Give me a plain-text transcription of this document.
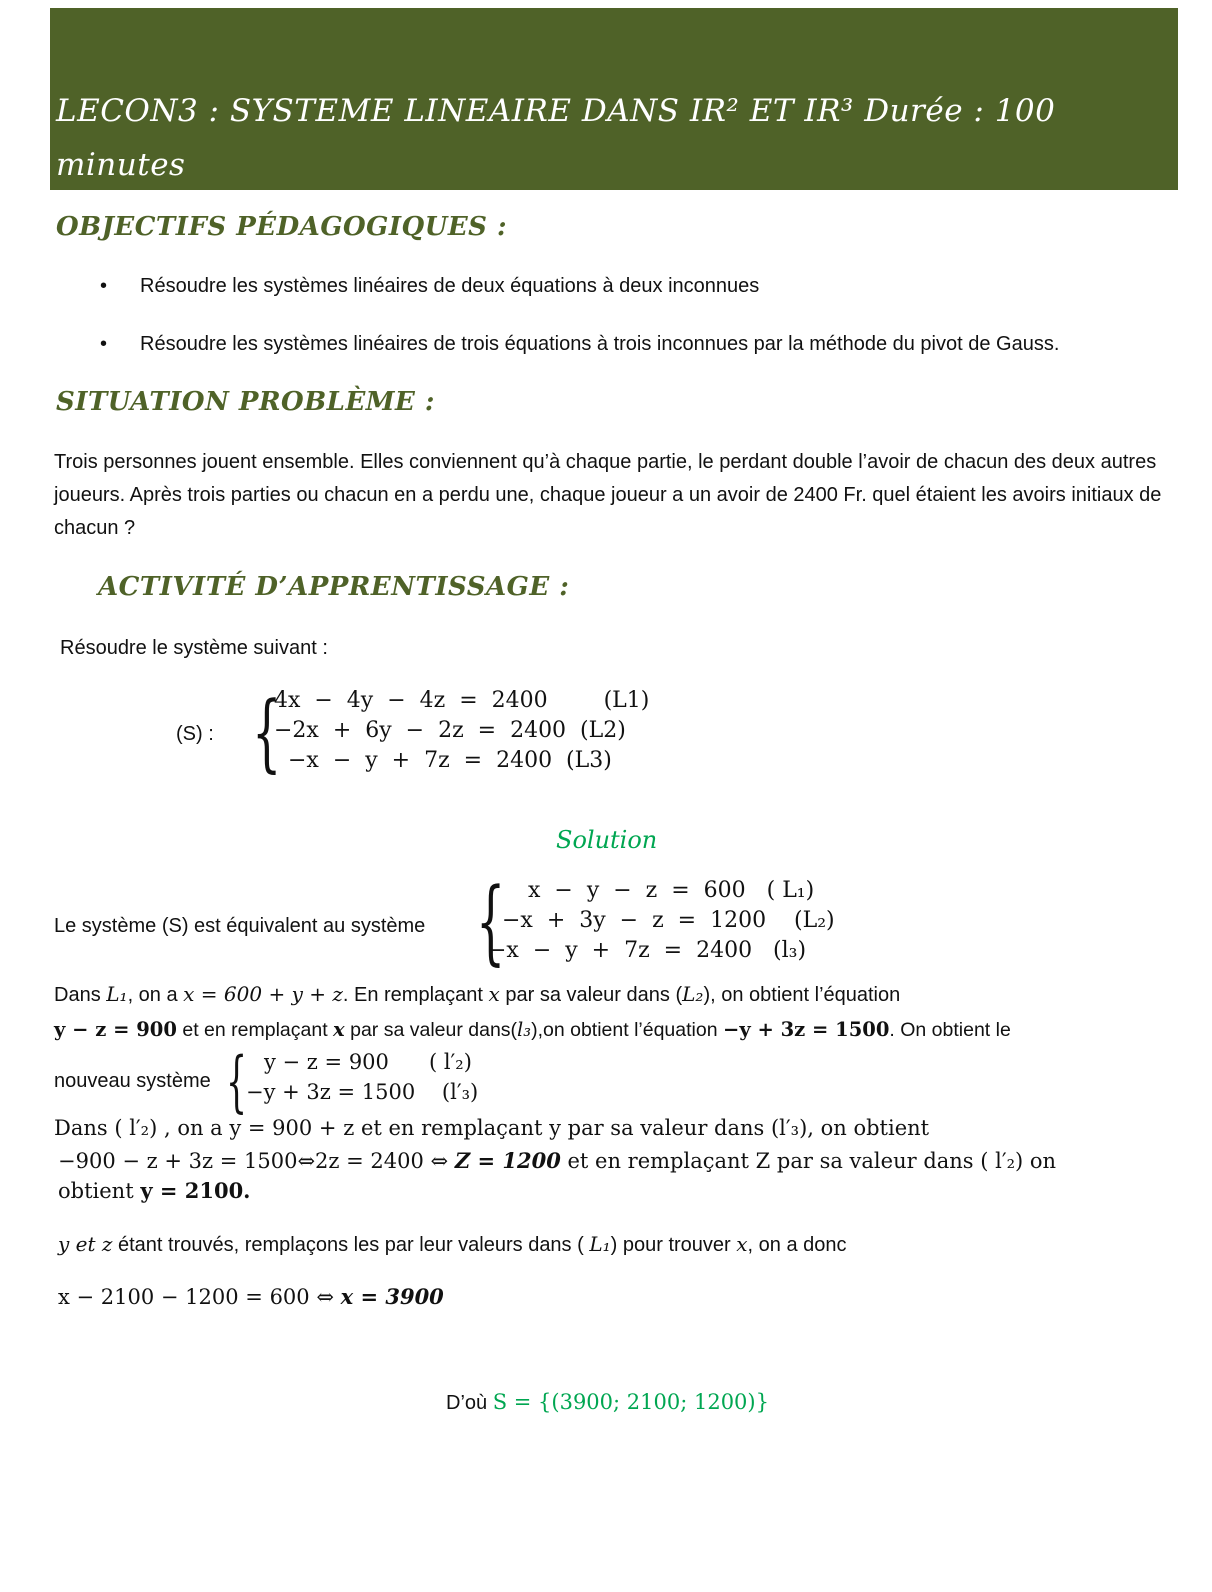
LECON3 : SYSTEME LINEAIRE DANS IR² ET IR³ Durée : 100 minutes
OBJECTIFS PÉDAGOGIQUES :
• Résoudre les systèmes linéaires de deux équations à deux inconnues
• Résoudre les systèmes linéaires de trois équations à trois inconnues par la méthode du pivot de Gauss.
SITUATION PROBLÈME :
Trois personnes jouent ensemble. Elles conviennent qu’à chaque partie, le perdant double l’avoir de chacun des deux autres joueurs. Après trois parties ou chacun en a perdu une, chaque joueur a un avoir de 2400 Fr. quel étaient les avoirs initiaux de chacun ?
ACTIVITÉ D’APPRENTISSAGE :
Résoudre le système suivant :
(S) : {
4x  −  4y  −  4z  =  2400        (L1)
−2x  +  6y  −  2z  =  2400  (L2)
−x  −  y  +  7z  =  2400  (L3)
Solution
Le système (S) est équivalent au système { x  −  y  −  z  =  600   ( L₁)
−x  +  3y  −  z  =  1200    (L₂)
−x  −  y  +  7z  =  2400   (l₃)
Dans L₁, on a x = 600 + y + z. En remplaçant x par sa valeur dans (L₂), on obtient l’équation
y − z = 900 et en remplaçant x par sa valeur dans(l₃),on obtient l’équation −y + 3z = 1500. On obtient le
nouveau système { y − z = 900      ( l′₂)
−y + 3z = 1500    (l′₃)
Dans ( l′₂) , on a y = 900 + z et en remplaçant y par sa valeur dans (l′₃), on obtient
−900 − z + 3z = 1500⇔2z = 2400 ⇔ Z = 1200 et en remplaçant Z par sa valeur dans ( l′₂) on
obtient y = 2100.
y et z étant trouvés, remplaçons les par leur valeurs dans ( L₁) pour trouver x, on a donc
x − 2100 − 1200 = 600 ⇔ x = 3900
D’où S = {(3900; 2100; 1200)}
